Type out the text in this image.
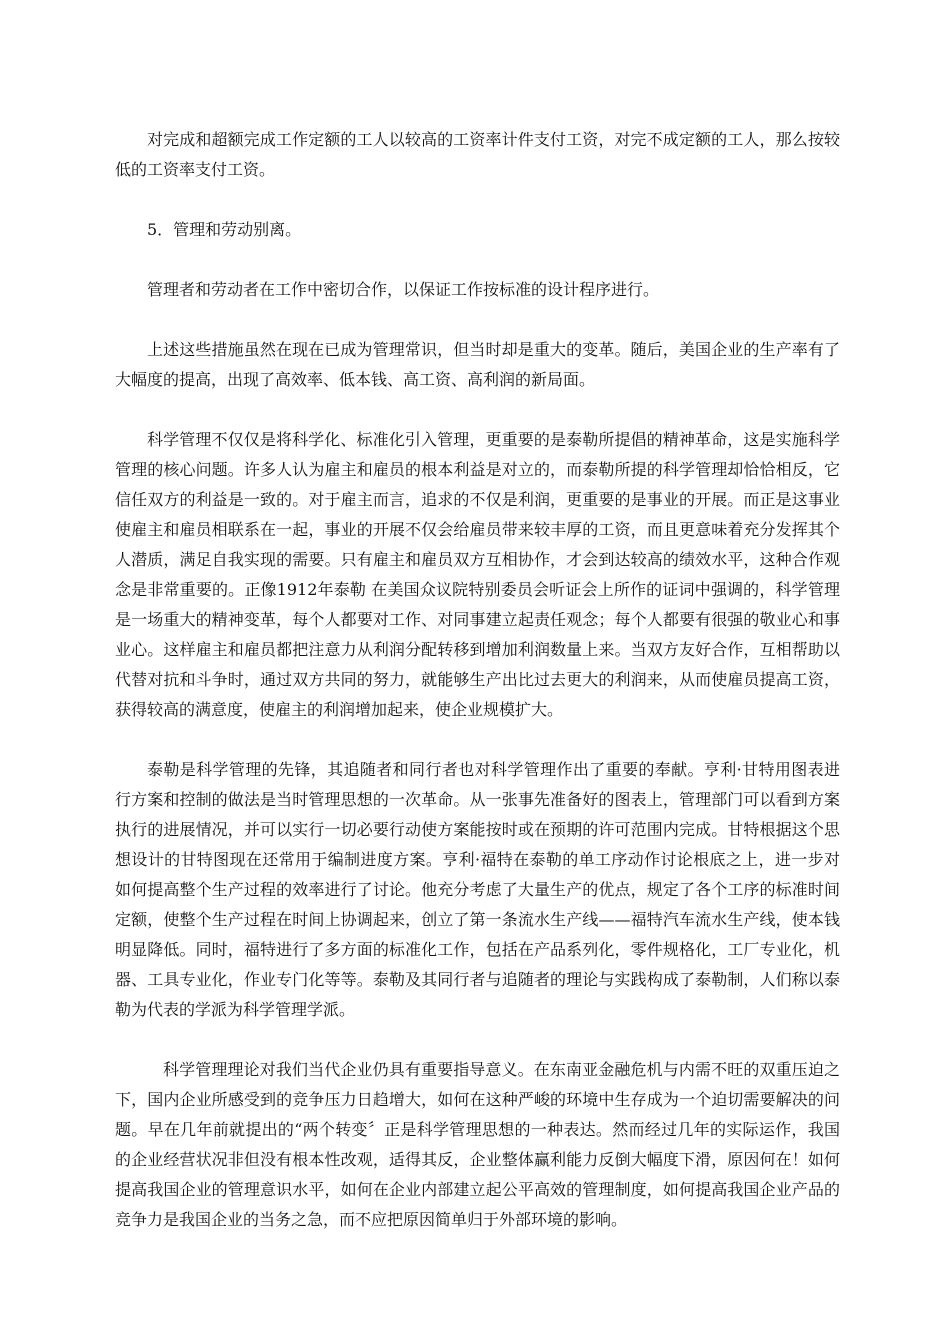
对完成和超额完成工作定额的工人以较高的工资率计件支付工资，对完不成定额的工人，那么按较低的工资率支付工资。

5．管理和劳动别离。

管理者和劳动者在工作中密切合作，以保证工作按标准的设计程序进行。

上述这些措施虽然在现在已成为管理常识，但当时却是重大的变革。随后，美国企业的生产率有了大幅度的提高，出现了高效率、低本钱、高工资、高利润的新局面。

科学管理不仅仅是将科学化、标准化引入管理，更重要的是泰勒所提倡的精神革命，这是实施科学管理的核心问题。许多人认为雇主和雇员的根本利益是对立的，而泰勒所提的科学管理却恰恰相反，它信任双方的利益是一致的。对于雇主而言，追求的不仅是利润，更重要的是事业的开展。而正是这事业使雇主和雇员相联系在一起，事业的开展不仅会给雇员带来较丰厚的工资，而且更意味着充分发挥其个人潜质，满足自我实现的需要。只有雇主和雇员双方互相协作，才会到达较高的绩效水平，这种合作观念是非常重要的。正像1912年泰勒 在美国众议院特别委员会听证会上所作的证词中强调的，科学管理是一场重大的精神变革，每个人都要对工作、对同事建立起责任观念；每个人都要有很强的敬业心和事业心。这样雇主和雇员都把注意力从利润分配转移到增加利润数量上来。当双方友好合作，互相帮助以代替对抗和斗争时，通过双方共同的努力，就能够生产出比过去更大的利润来，从而使雇员提高工资，获得较高的满意度，使雇主的利润增加起来，使企业规模扩大。

泰勒是科学管理的先锋，其追随者和同行者也对科学管理作出了重要的奉献。亨利·甘特用图表进行方案和控制的做法是当时管理思想的一次革命。从一张事先准备好的图表上，管理部门可以看到方案执行的进展情况，并可以实行一切必要行动使方案能按时或在预期的许可范围内完成。甘特根据这个思想设计的甘特图现在还常用于编制进度方案。亨利·福特在泰勒的单工序动作讨论根底之上，进一步对如何提高整个生产过程的效率进行了讨论。他充分考虑了大量生产的优点，规定了各个工序的标准时间定额，使整个生产过程在时间上协调起来，创立了第一条流水生产线——福特汽车流水生产线，使本钱明显降低。同时，福特进行了多方面的标准化工作，包括在产品系列化，零件规格化，工厂专业化，机器、工具专业化，作业专门化等等。泰勒及其同行者与追随者的理论与实践构成了泰勒制，人们称以泰勒为代表的学派为科学管理学派。

科学管理理论对我们当代企业仍具有重要指导意义。在东南亚金融危机与内需不旺的双重压迫之下，国内企业所感受到的竞争压力日趋增大，如何在这种严峻的环境中生存成为一个迫切需要解决的问题。早在几年前就提出的“两个转变〞正是科学管理思想的一种表达。然而经过几年的实际运作，我国的企业经营状况非但没有根本性改观，适得其反，企业整体赢利能力反倒大幅度下滑，原因何在！如何提高我国企业的管理意识水平，如何在企业内部建立起公平高效的管理制度，如何提高我国企业产品的竞争力是我国企业的当务之急，而不应把原因简单归于外部环境的影响。
